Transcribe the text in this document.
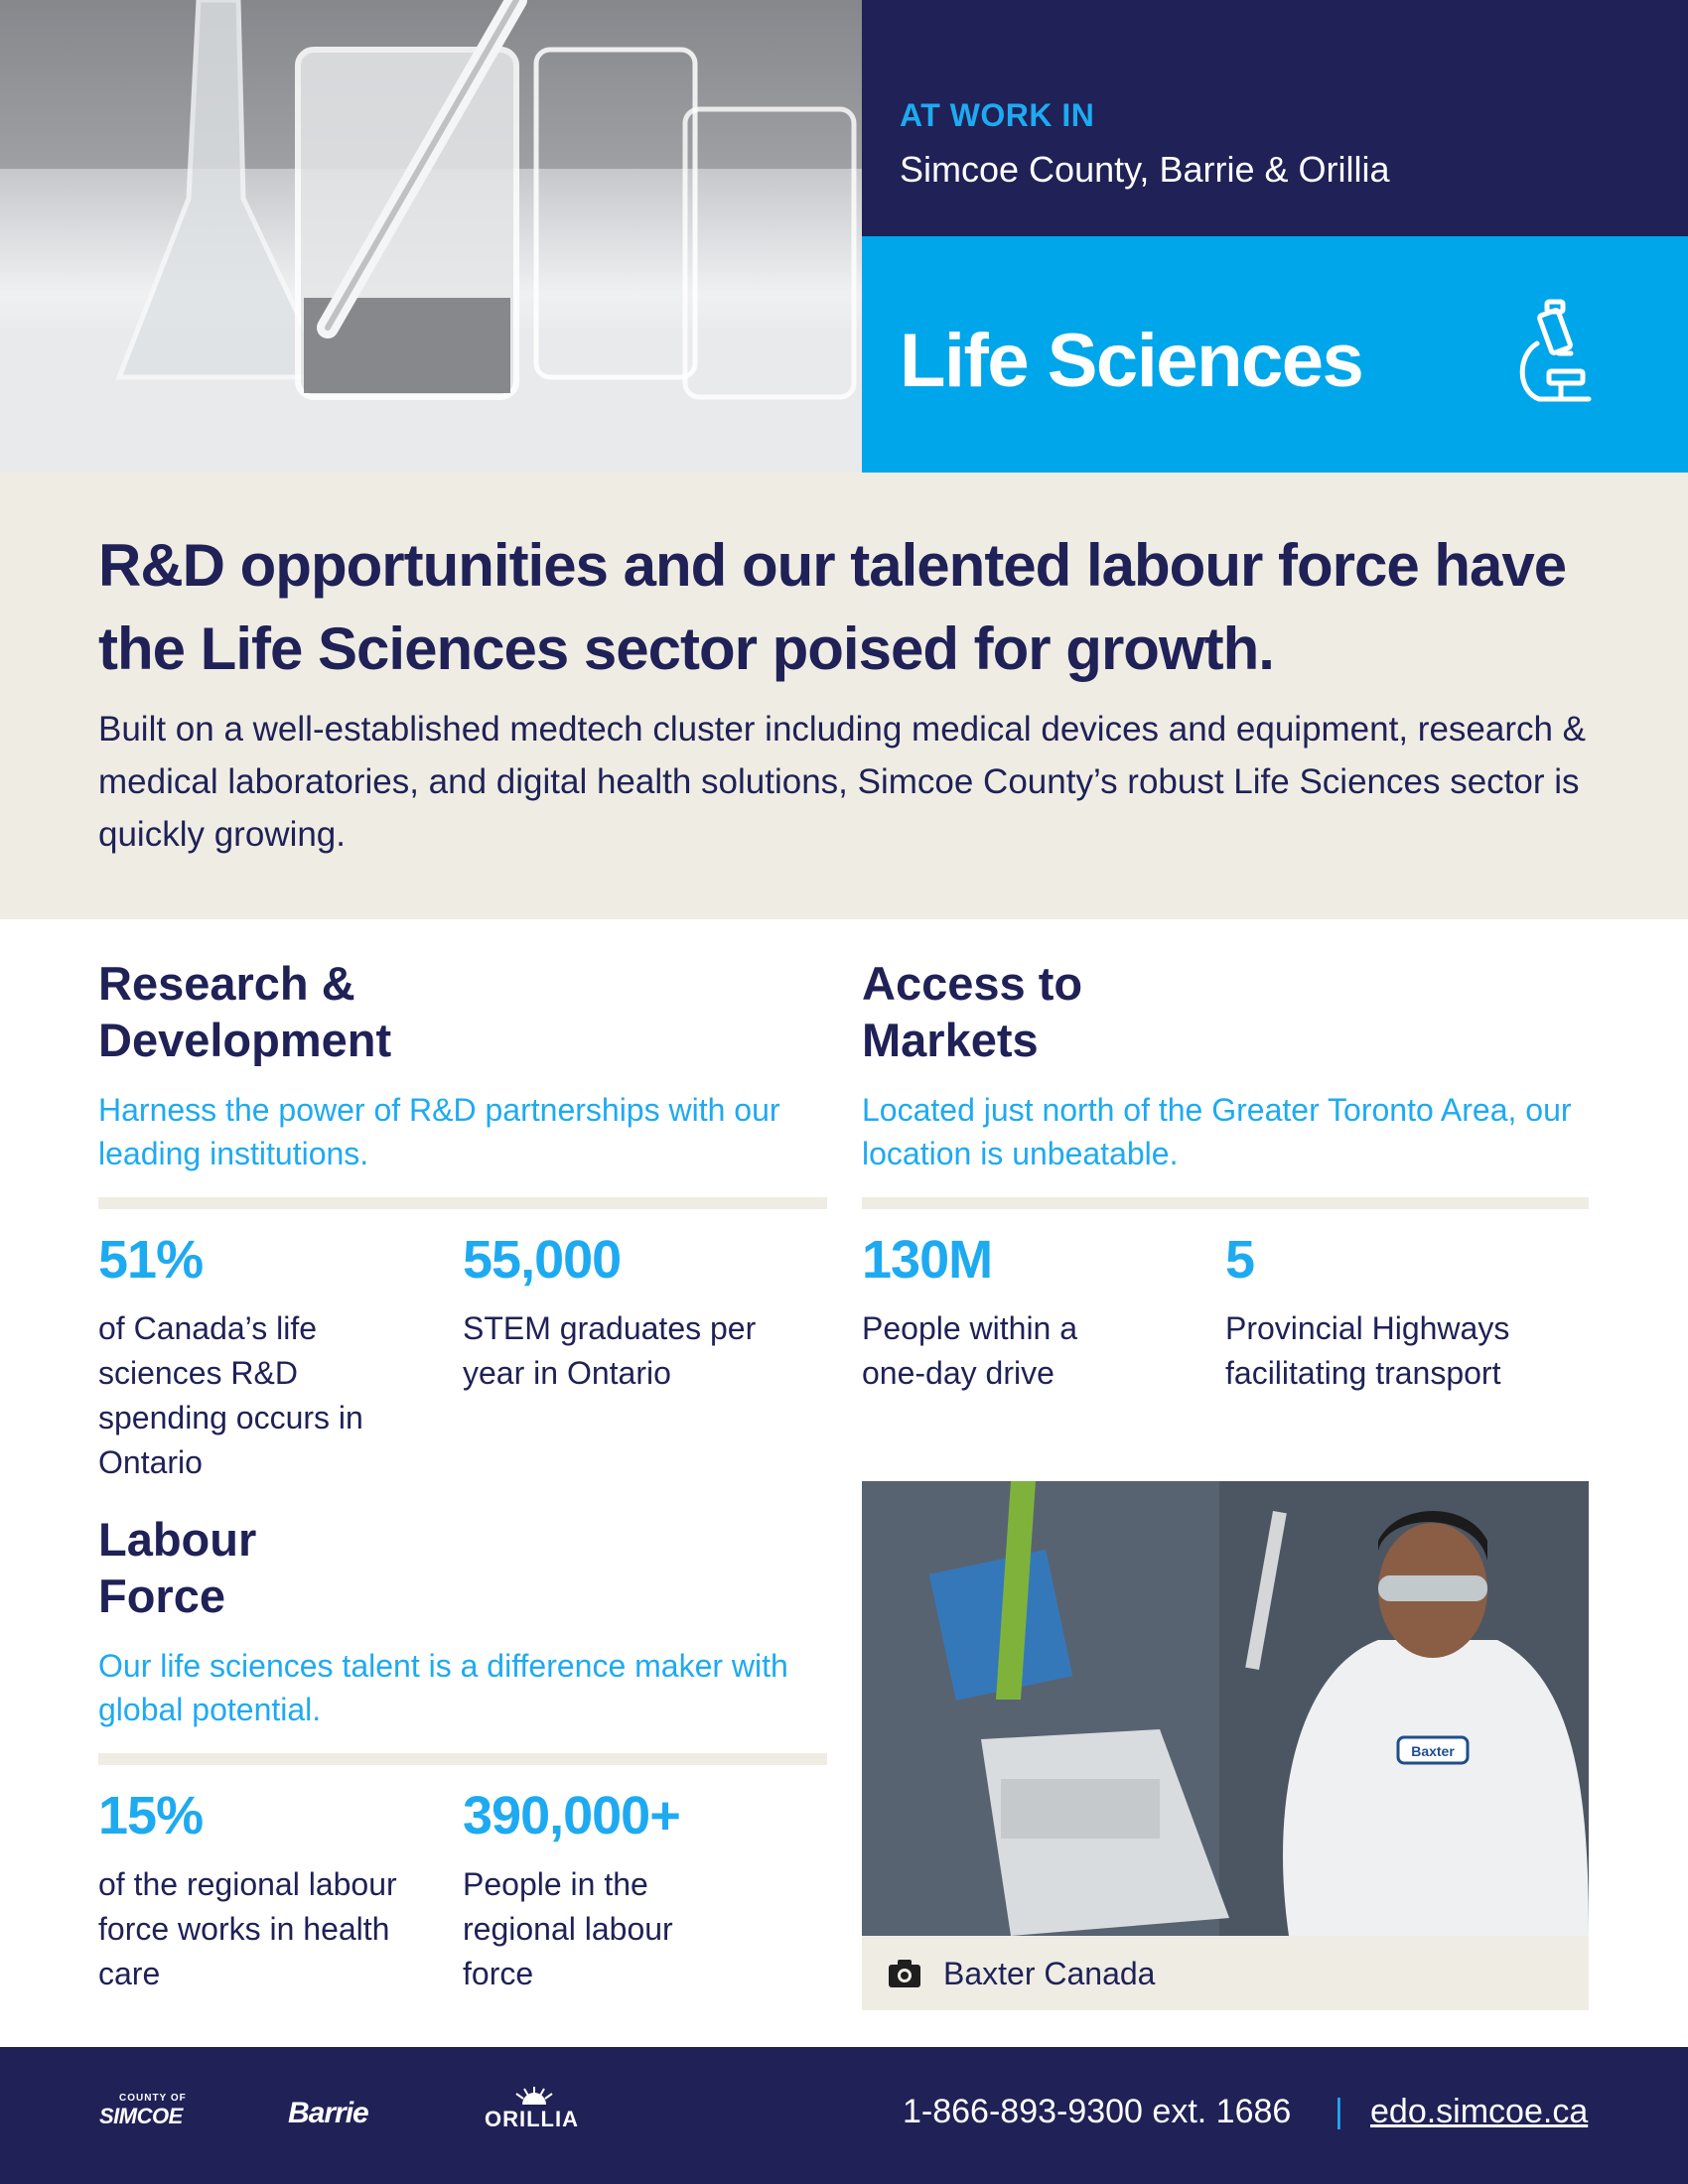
AT WORK IN
Simcoe County, Barrie & Orillia
Life Sciences
R&D opportunities and our talented labour force have the Life Sciences sector poised for growth.

Built on a well-established medtech cluster including medical devices and equipment, research & medical laboratories, and digital health solutions, Simcoe County’s robust Life Sciences sector is quickly growing.

Research &
Development

Harness the power of R&D partnerships with our leading institutions.

51%
of Canada’s life sciences R&D spending occurs in Ontario
55,000
STEM graduates per year in Ontario
Access to
Markets

Located just north of the Greater Toronto Area, our location is unbeatable.

130M
People within a one-day drive
5
Provincial Highways facilitating transport
Labour
Force

Our life sciences talent is a difference maker with global potential.

15%
of the regional labour force works in health care
390,000+
People in the regional labour force
Baxter
Baxter Canada
COUNTY OF
SIMCOE	Barrie	ORILLIA	1-866-893-9300 ext. 1686 | edo.simcoe.ca
